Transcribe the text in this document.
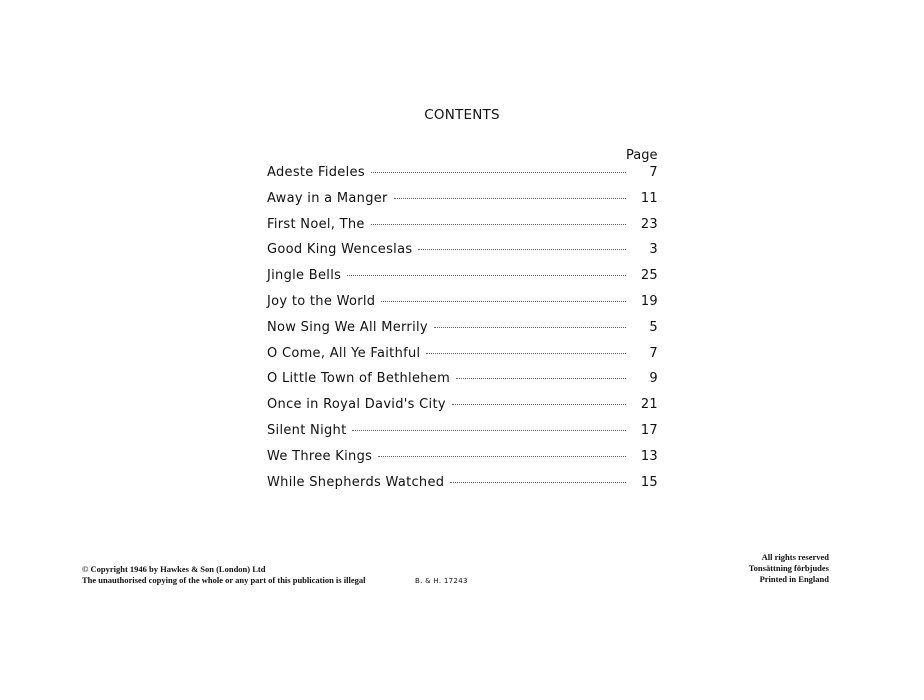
CONTENTS
Page
Adeste Fideles	7
Away in a Manger	11
First Noel, The	23
Good King Wenceslas	3
Jingle Bells	25
Joy to the World	19
Now Sing We All Merrily	5
O Come, All Ye Faithful	7
O Little Town of Bethlehem	9
Once in Royal David's City	21
Silent Night	17
We Three Kings	13
While Shepherds Watched	15
© Copyright 1946 by Hawkes & Son (London) Ltd
The unauthorised copying of the whole or any part of this publication is illegal	B. & H. 17243
All rights reserved
Tonsättning förbjudes
Printed in England
